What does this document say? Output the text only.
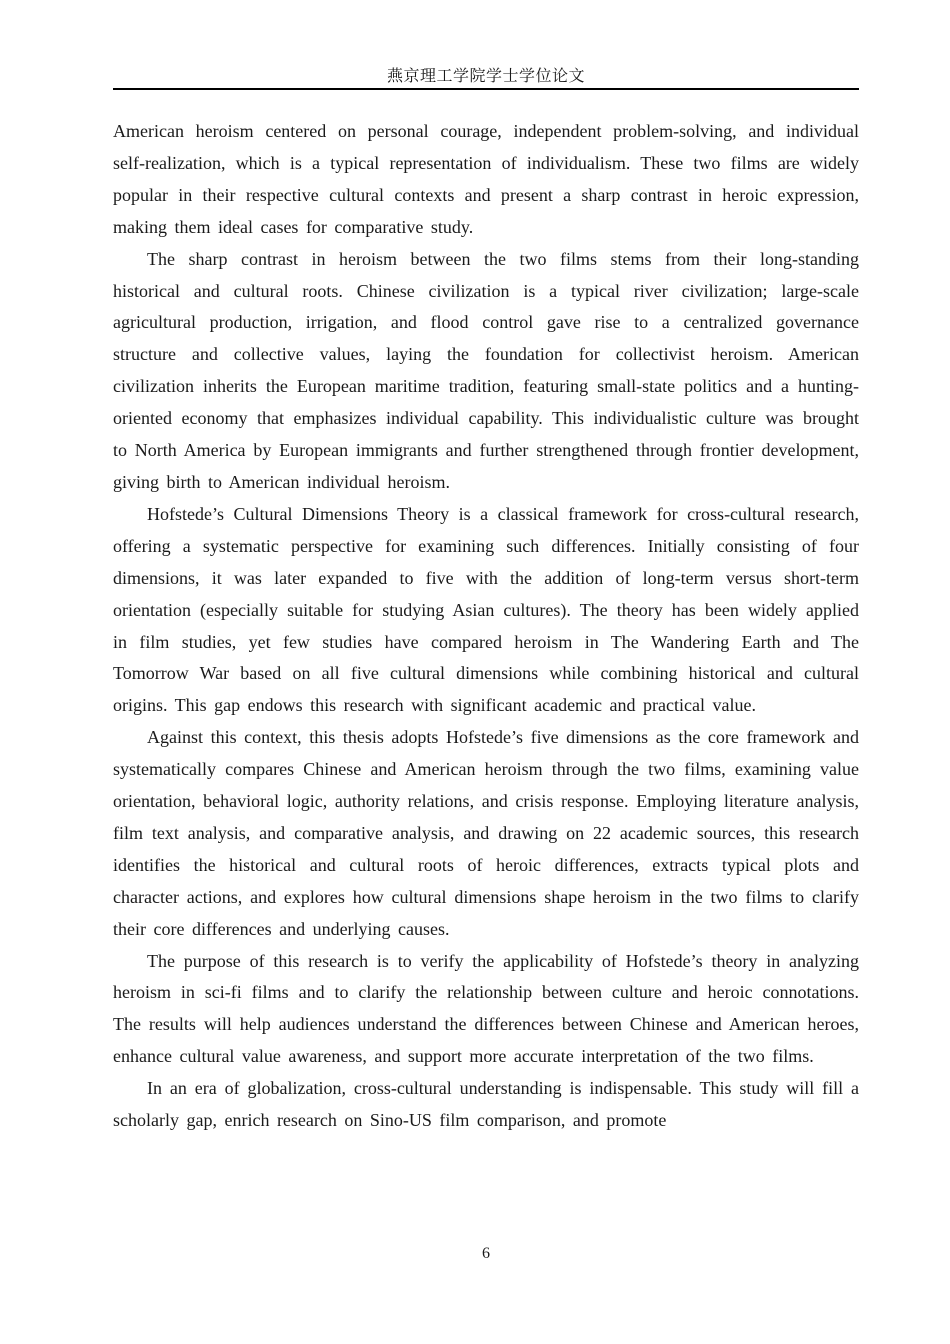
燕京理工学院学士学位论文

American heroism centered on personal courage, independent problem-solving, and individual self-realization, which is a typical representation of individualism. These two films are widely popular in their respective cultural contexts and present a sharp contrast in heroic expression, making them ideal cases for comparative study.

The sharp contrast in heroism between the two films stems from their long-standing historical and cultural roots. Chinese civilization is a typical river civilization; large-scale agricultural production, irrigation, and flood control gave rise to a centralized governance structure and collective values, laying the foundation for collectivist heroism. American civilization inherits the European maritime tradition, featuring small-state politics and a hunting-oriented economy that emphasizes individual capability. This individualistic culture was brought to North America by European immigrants and further strengthened through frontier development, giving birth to American individual heroism.

Hofstede’s Cultural Dimensions Theory is a classical framework for cross-cultural research, offering a systematic perspective for examining such differences. Initially consisting of four dimensions, it was later expanded to five with the addition of long-term versus short-term orientation (especially suitable for studying Asian cultures). The theory has been widely applied in film studies, yet few studies have compared heroism in The Wandering Earth and The Tomorrow War based on all five cultural dimensions while combining historical and cultural origins. This gap endows this research with significant academic and practical value.

Against this context, this thesis adopts Hofstede’s five dimensions as the core framework and systematically compares Chinese and American heroism through the two films, examining value orientation, behavioral logic, authority relations, and crisis response. Employing literature analysis, film text analysis, and comparative analysis, and drawing on 22 academic sources, this research identifies the historical and cultural roots of heroic differences, extracts typical plots and character actions, and explores how cultural dimensions shape heroism in the two films to clarify their core differences and underlying causes.

The purpose of this research is to verify the applicability of Hofstede’s theory in analyzing heroism in sci-fi films and to clarify the relationship between culture and heroic connotations. The results will help audiences understand the differences between Chinese and American heroes, enhance cultural value awareness, and support more accurate interpretation of the two films.

In an era of globalization, cross-cultural understanding is indispensable. This study will fill a scholarly gap, enrich research on Sino-US film comparison, and promote

6
